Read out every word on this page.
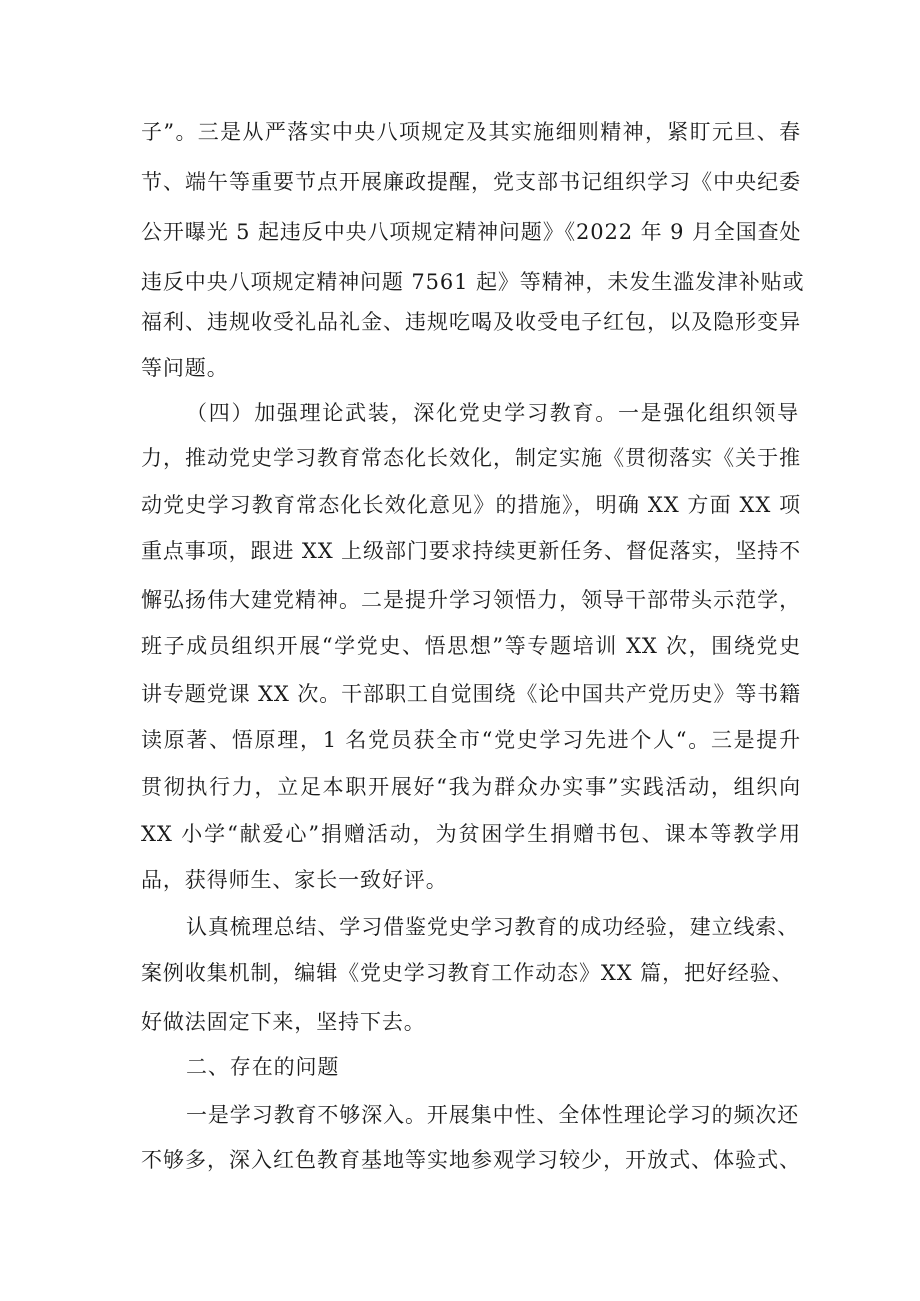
子”。三是从严落实中央八项规定及其实施细则精神，紧盯元旦、春
节、端午等重要节点开展廉政提醒，党支部书记组织学习《中央纪委
公开曝光 5 起违反中央八项规定精神问题》《2022 年 9 月全国查处
违反中央八项规定精神问题 7561 起》等精神，未发生滥发津补贴或
福利、违规收受礼品礼金、违规吃喝及收受电子红包，以及隐形变异
等问题。
（四）加强理论武装，深化党史学习教育。一是强化组织领导
力，推动党史学习教育常态化长效化，制定实施《贯彻落实《关于推
动党史学习教育常态化长效化意见》的措施》，明确 XX 方面 XX 项
重点事项，跟进 XX 上级部门要求持续更新任务、督促落实，坚持不
懈弘扬伟大建党精神。二是提升学习领悟力，领导干部带头示范学，
班子成员组织开展“学党史、悟思想”等专题培训 XX 次，围绕党史
讲专题党课 XX 次。干部职工自觉围绕《论中国共产党历史》等书籍
读原著、悟原理，1 名党员获全市“党史学习先进个人“。三是提升
贯彻执行力，立足本职开展好“我为群众办实事”实践活动，组织向
XX 小学“献爱心”捐赠活动，为贫困学生捐赠书包、课本等教学用
品，获得师生、家长一致好评。
认真梳理总结、学习借鉴党史学习教育的成功经验，建立线索、
案例收集机制，编辑《党史学习教育工作动态》XX 篇，把好经验、
好做法固定下来，坚持下去。
二、存在的问题
一是学习教育不够深入。开展集中性、全体性理论学习的频次还
不够多，深入红色教育基地等实地参观学习较少，开放式、体验式、
